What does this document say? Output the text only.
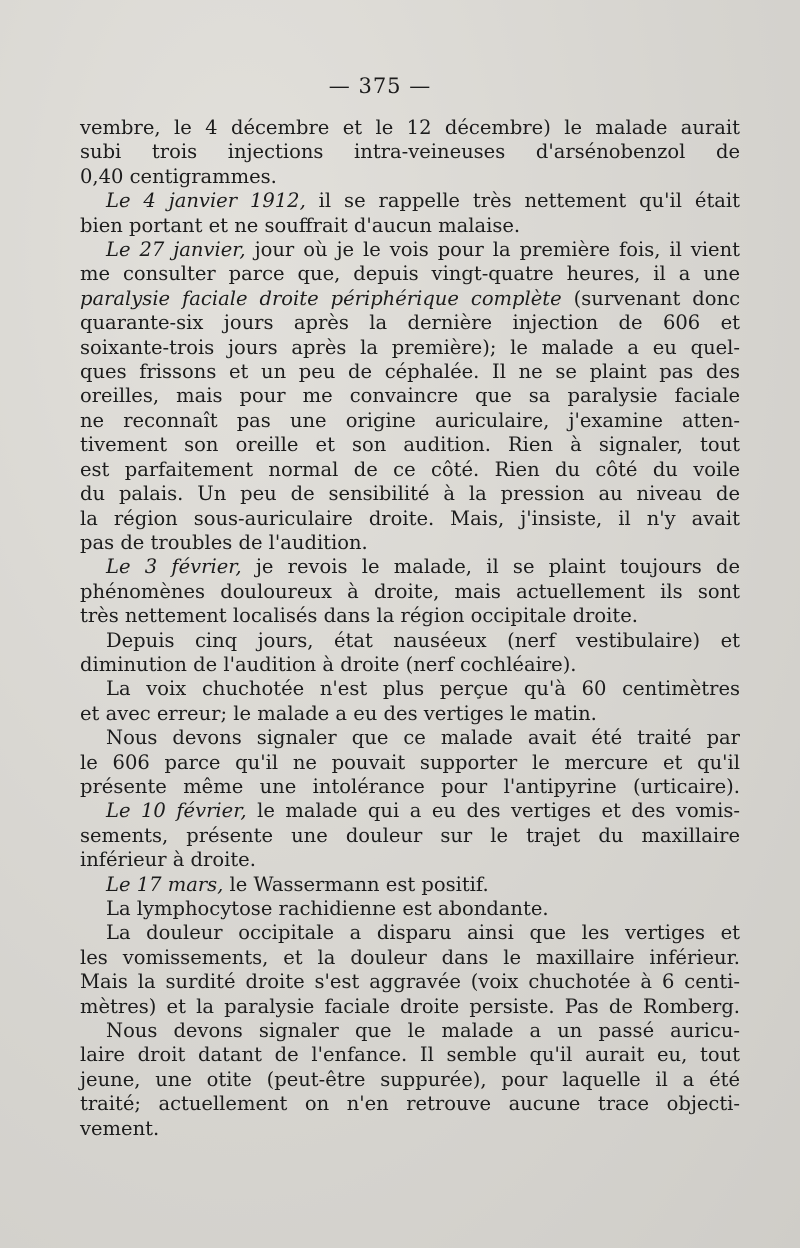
— 375 —
vembre, le 4 décembre et le 12 décembre) le malade aurait
subi trois injections intra-veineuses d'arsénobenzol de
0,40 centigrammes.
Le 4 janvier 1912, il se rappelle très nettement qu'il était
bien portant et ne souffrait d'aucun malaise.
Le 27 janvier, jour où je le vois pour la première fois, il vient
me consulter parce que, depuis vingt-quatre heures, il a une
paralysie faciale droite périphérique complète (survenant donc
quarante-six jours après la dernière injection de 606 et
soixante-trois jours après la première); le malade a eu quel-
ques frissons et un peu de céphalée. Il ne se plaint pas des
oreilles, mais pour me convaincre que sa paralysie faciale
ne reconnaît pas une origine auriculaire, j'examine atten-
tivement son oreille et son audition. Rien à signaler, tout
est parfaitement normal de ce côté. Rien du côté du voile
du palais. Un peu de sensibilité à la pression au niveau de
la région sous-auriculaire droite. Mais, j'insiste, il n'y avait
pas de troubles de l'audition.
Le 3 février, je revois le malade, il se plaint toujours de
phénomènes douloureux à droite, mais actuellement ils sont
très nettement localisés dans la région occipitale droite.
Depuis cinq jours, état nauséeux (nerf vestibulaire) et
diminution de l'audition à droite (nerf cochléaire).
La voix chuchotée n'est plus perçue qu'à 60 centimètres
et avec erreur; le malade a eu des vertiges le matin.
Nous devons signaler que ce malade avait été traité par
le 606 parce qu'il ne pouvait supporter le mercure et qu'il
présente même une intolérance pour l'antipyrine (urticaire).
Le 10 février, le malade qui a eu des vertiges et des vomis-
sements, présente une douleur sur le trajet du maxillaire
inférieur à droite.
Le 17 mars, le Wassermann est positif.
La lymphocytose rachidienne est abondante.
La douleur occipitale a disparu ainsi que les vertiges et
les vomissements, et la douleur dans le maxillaire inférieur.
Mais la surdité droite s'est aggravée (voix chuchotée à 6 centi-
mètres) et la paralysie faciale droite persiste. Pas de Romberg.
Nous devons signaler que le malade a un passé auricu-
laire droit datant de l'enfance. Il semble qu'il aurait eu, tout
jeune, une otite (peut-être suppurée), pour laquelle il a été
traité; actuellement on n'en retrouve aucune trace objecti-
vement.
